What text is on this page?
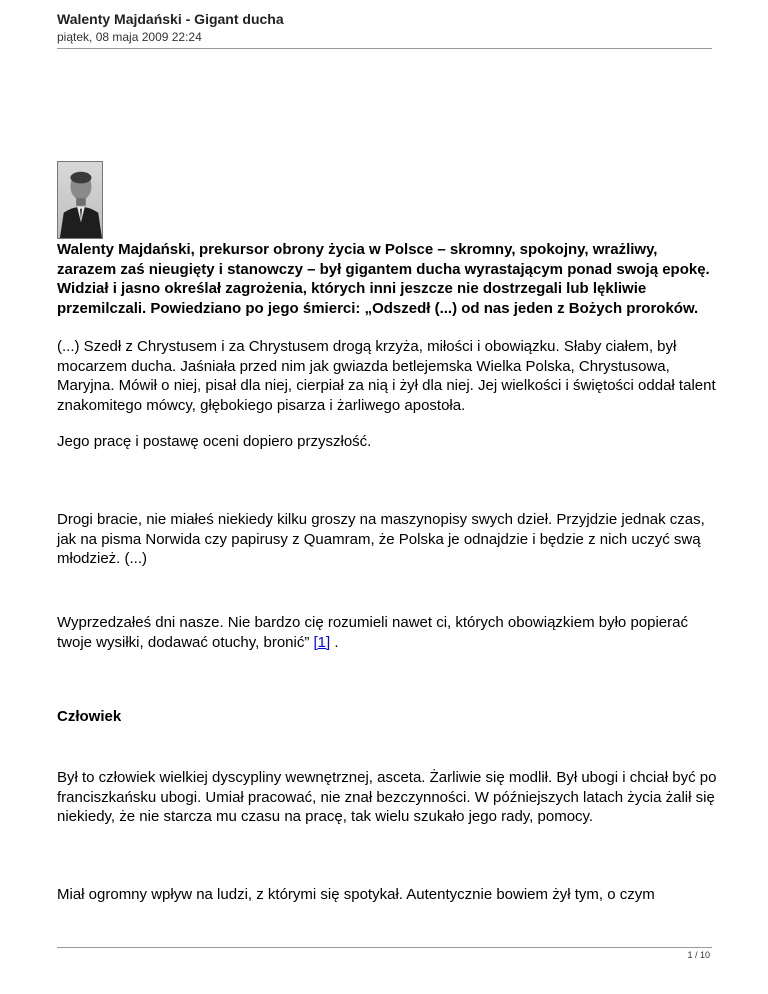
Walenty Majdański - Gigant ducha
piątek, 08 maja 2009 22:24

Walenty Majdański, prekursor obrony życia w Polsce – skromny, spokojny, wrażliwy, zarazem zaś nieugięty i stanowczy – był gigantem ducha wyrastającym ponad swoją epokę. Widział i jasno określał zagrożenia, których inni jeszcze nie dostrzegali lub lękliwie przemilczali. Powiedziano po jego śmierci: „Odszedł (...) od nas jeden z Bożych proroków.

(...) Szedł z Chrystusem i za Chrystusem drogą krzyża, miłości i obowiązku. Słaby ciałem, był mocarzem ducha. Jaśniała przed nim jak gwiazda betlejemska Wielka Polska, Chrystusowa, Maryjna. Mówił o niej, pisał dla niej, cierpiał za nią i żył dla niej. Jej wielkości i świętości oddał talent znakomitego mówcy, głębokiego pisarza i żarliwego apostoła.

Jego pracę i postawę oceni dopiero przyszłość.

Drogi bracie, nie miałeś niekiedy kilku groszy na maszynopisy swych dzieł. Przyjdzie jednak czas, jak na pisma Norwida czy papirusy z Quamram, że Polska je odnajdzie i będzie z nich uczyć swą młodzież. (...)

Wyprzedzałeś dni nasze. Nie bardzo cię rozumieli nawet ci, których obowiązkiem było popierać twoje wysiłki, dodawać otuchy, bronić” [1] .

Człowiek

Był to człowiek wielkiej dyscypliny wewnętrznej, asceta. Żarliwie się modlił. Był ubogi i chciał być po franciszkańsku ubogi. Umiał pracować, nie znał bezczynności. W późniejszych latach życia żalił się niekiedy, że nie starcza mu czasu na pracę, tak wielu szukało jego rady, pomocy.

Miał ogromny wpływ na ludzi, z którymi się spotykał. Autentycznie bowiem żył tym, o czym

1 / 10
